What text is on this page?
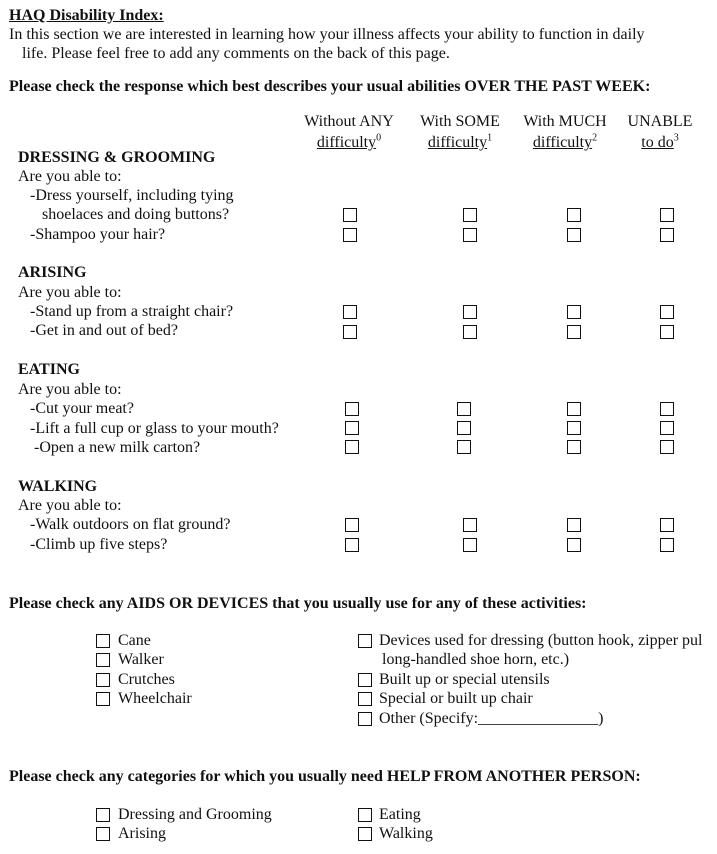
HAQ Disability Index:
In this section we are interested in learning how your illness affects your ability to function in daily
life. Please feel free to add any comments on the back of this page.
Please check the response which best describes your usual abilities OVER THE PAST WEEK:
Without ANY
difficulty$^0$
With SOME
difficulty$^1$
With MUCH
difficulty$^2$
UNABLE
to $do^3$
DRESSING & GROOMING
Are you able to:
-Dress yourself, including tying
shoelaces and doing buttons?
-Shampoo your hair?
ARISING
Are you able to:
-Stand up from a straight chair?
-Get in and out of bed?
EATING
Are you able to:
-Cut your meat?
-Lift a full cup or glass to your mouth?
-Open a new milk carton?
WALKING
Are you able to:
-Walk outdoors on flat ground?
-Climb up five steps?
Please check any AIDS OR DEVICES that you usually use for any of these activities:
Cane
Walker
Crutches
Wheelchair
Devices used for dressing (button hook, zipper pul
long-handled shoe horn, etc.)
Built up or special utensils
Special or built up chair
Other (Specify:_______________)
Please check any categories for which you usually need HELP FROM ANOTHER PERSON:
Dressing and Grooming
Arising
Eating
Walking
